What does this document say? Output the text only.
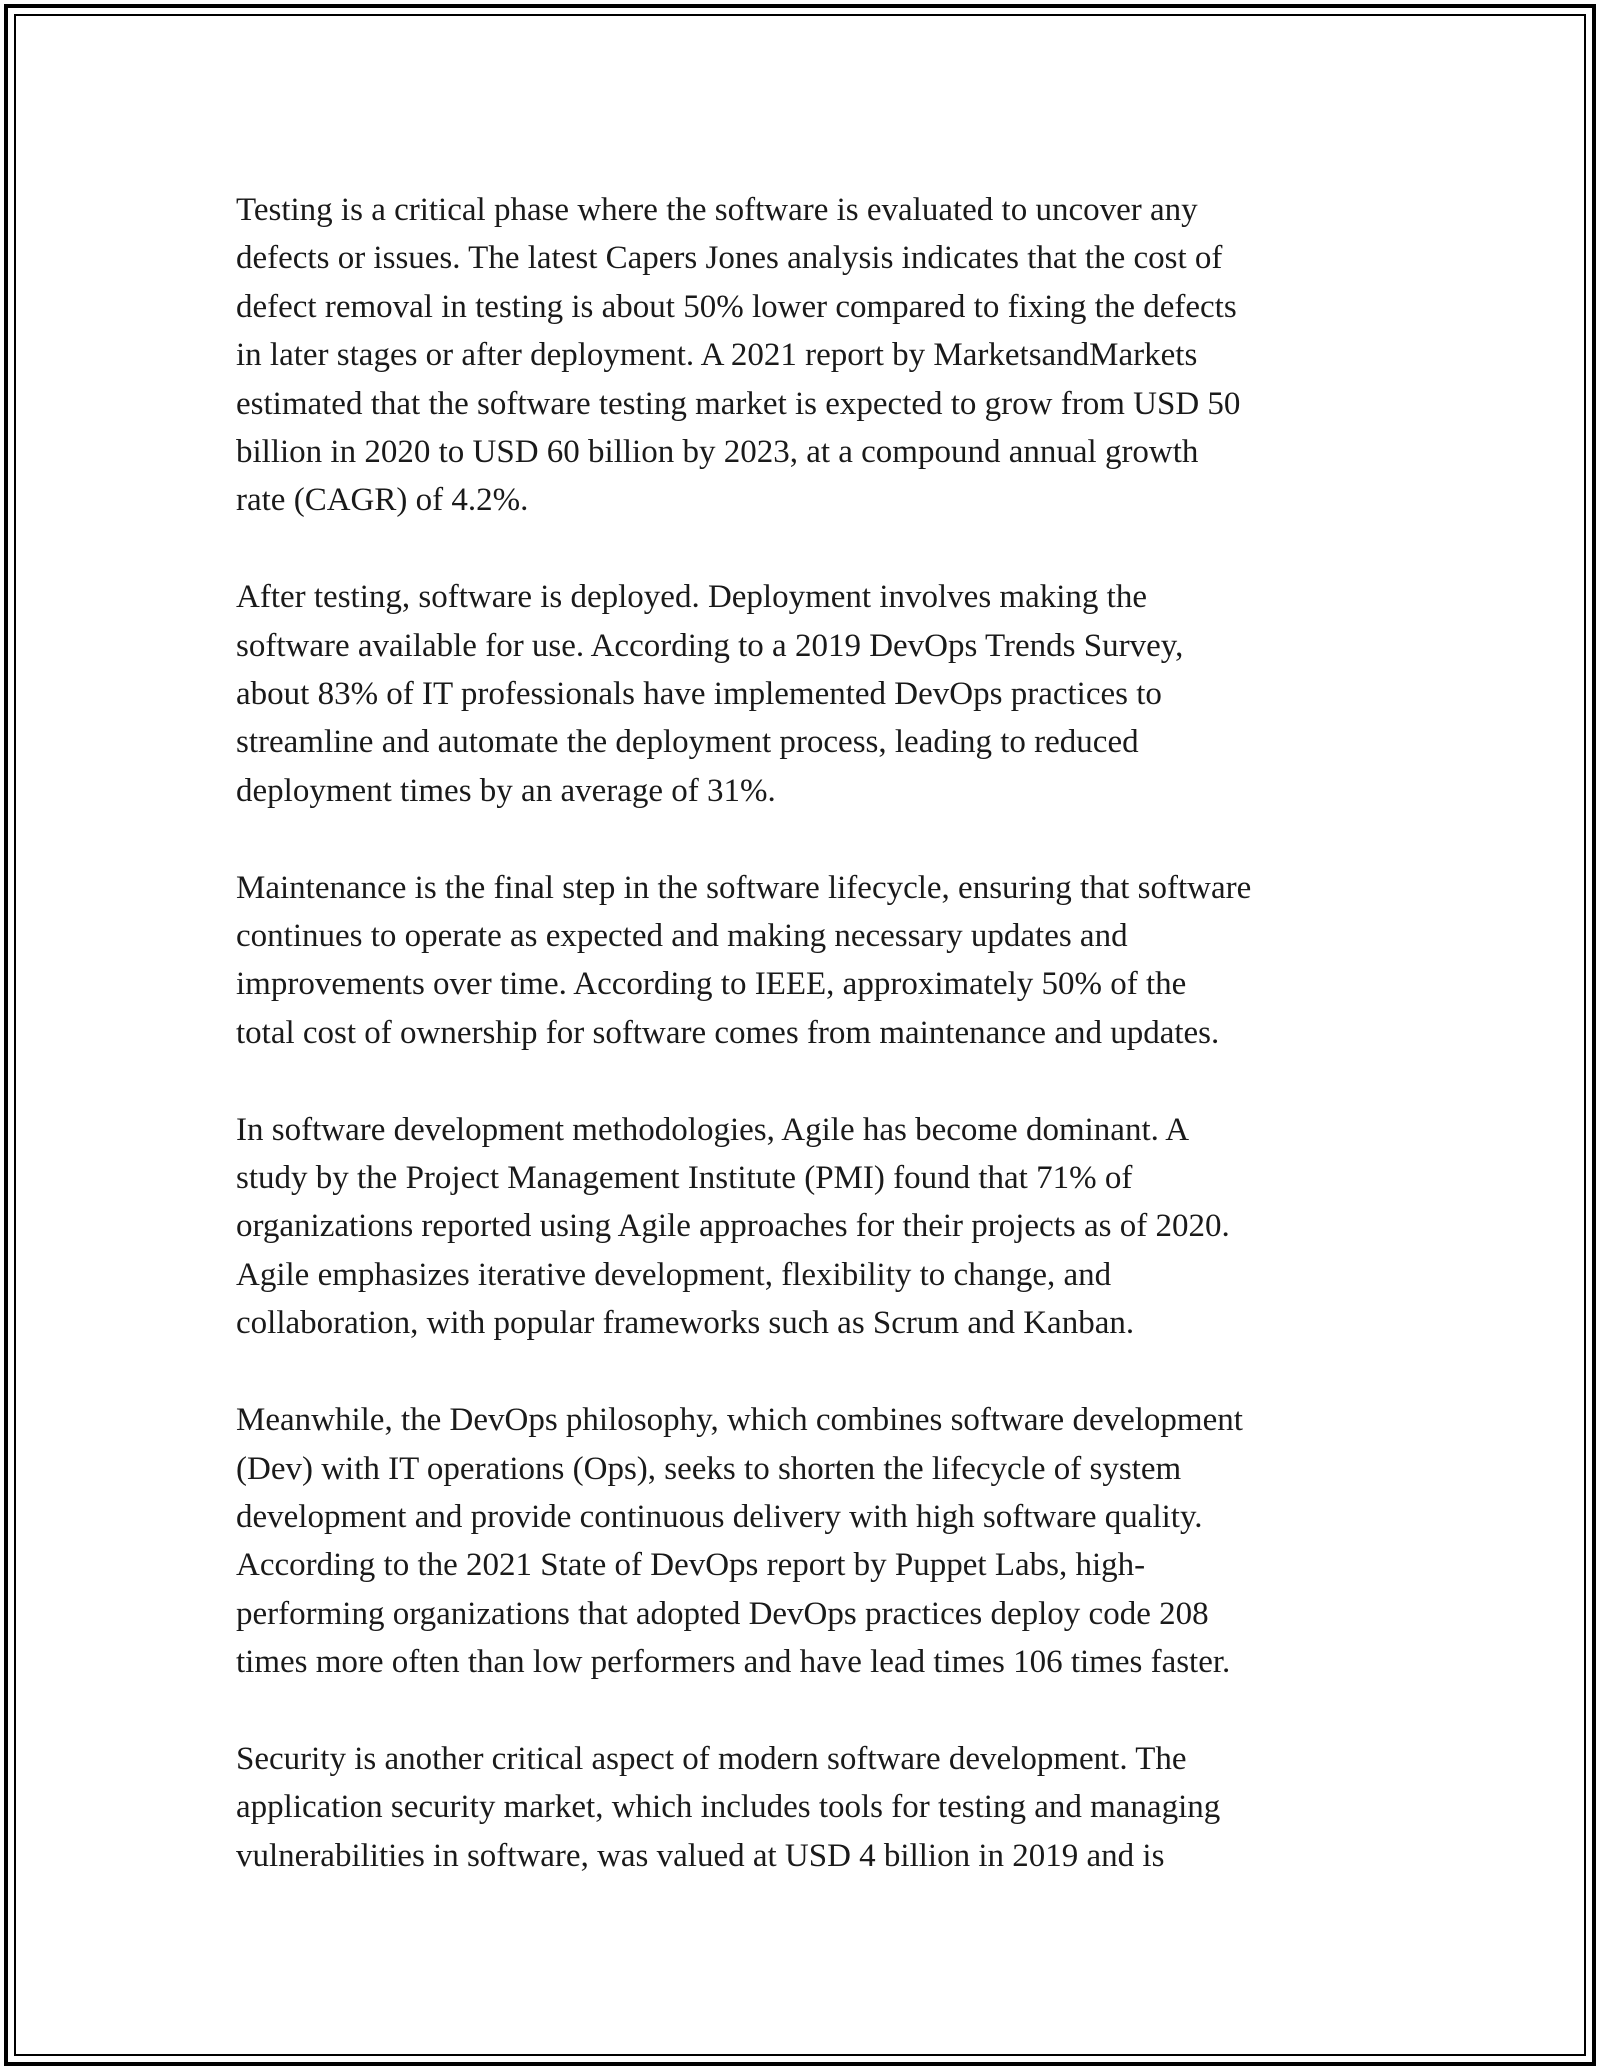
Testing is a critical phase where the software is evaluated to uncover any
defects or issues. The latest Capers Jones analysis indicates that the cost of
defect removal in testing is about 50% lower compared to fixing the defects
in later stages or after deployment. A 2021 report by MarketsandMarkets
estimated that the software testing market is expected to grow from USD 50
billion in 2020 to USD 60 billion by 2023, at a compound annual growth
rate (CAGR) of 4.2%.

After testing, software is deployed. Deployment involves making the
software available for use. According to a 2019 DevOps Trends Survey,
about 83% of IT professionals have implemented DevOps practices to
streamline and automate the deployment process, leading to reduced
deployment times by an average of 31%.

Maintenance is the final step in the software lifecycle, ensuring that software
continues to operate as expected and making necessary updates and
improvements over time. According to IEEE, approximately 50% of the
total cost of ownership for software comes from maintenance and updates.

In software development methodologies, Agile has become dominant. A
study by the Project Management Institute (PMI) found that 71% of
organizations reported using Agile approaches for their projects as of 2020.
Agile emphasizes iterative development, flexibility to change, and
collaboration, with popular frameworks such as Scrum and Kanban.

Meanwhile, the DevOps philosophy, which combines software development
(Dev) with IT operations (Ops), seeks to shorten the lifecycle of system
development and provide continuous delivery with high software quality.
According to the 2021 State of DevOps report by Puppet Labs, high-
performing organizations that adopted DevOps practices deploy code 208
times more often than low performers and have lead times 106 times faster.

Security is another critical aspect of modern software development. The
application security market, which includes tools for testing and managing
vulnerabilities in software, was valued at USD 4 billion in 2019 and is
